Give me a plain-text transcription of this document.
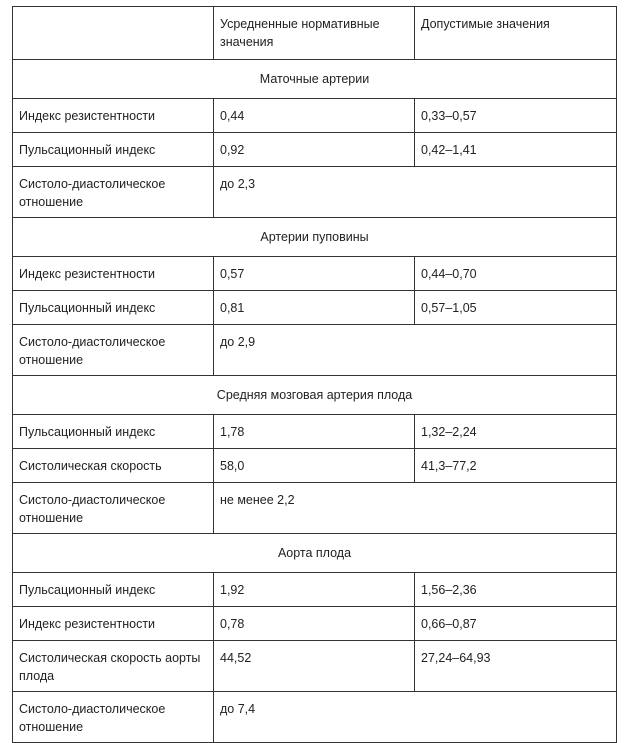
	Усредненные нормативные значения	Допустимые значения
Маточные артерии		
Индекс резистентности	0,44	0,33–0,57
Пульсационный индекс	0,92	0,42–1,41
Систоло-диастолическое отношение	до 2,3	
Артерии пуповины		
Индекс резистентности	0,57	0,44–0,70
Пульсационный индекс	0,81	0,57–1,05
Систоло-диастолическое отношение	до 2,9	
Средняя мозговая артерия плода		
Пульсационный индекс	1,78	1,32–2,24
Систолическая скорость	58,0	41,3–77,2
Систоло-диастолическое отношение	не менее 2,2	
Аорта плода		
Пульсационный индекс	1,92	1,56–2,36
Индекс резистентности	0,78	0,66–0,87
Систолическая скорость аорты плода	44,52	27,24–64,93
Систоло-диастолическое отношение	до 7,4	
